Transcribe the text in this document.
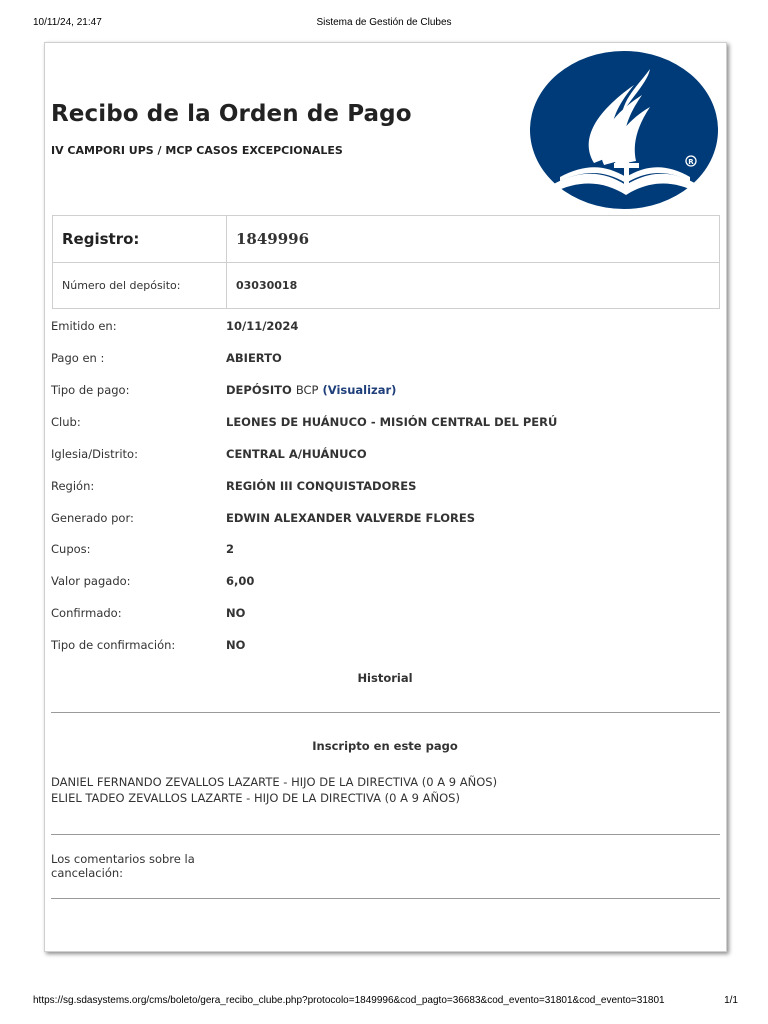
10/11/24, 21:47	Sistema de Gestión de Clubes
Recibo de la Orden de Pago
IV CAMPORI UPS / MCP CASOS EXCEPCIONALES
R
Registro:	1849996
Número del depósito:	03030018
Emitido en:	10/11/2024
Pago en :	ABIERTO
Tipo de pago:	DEPÓSITO BCP (Visualizar)
Club:	LEONES DE HUÁNUCO - MISIÓN CENTRAL DEL PERÚ
Iglesia/Distrito:	CENTRAL A/HUÁNUCO
Región:	REGIÓN III CONQUISTADORES
Generado por:	EDWIN ALEXANDER VALVERDE FLORES
Cupos:	2
Valor pagado:	6,00
Confirmado:	NO
Tipo de confirmación:	NO
Historial
Inscripto en este pago
DANIEL FERNANDO ZEVALLOS LAZARTE - HIJO DE LA DIRECTIVA (0 A 9 AÑOS)
ELIEL TADEO ZEVALLOS LAZARTE - HIJO DE LA DIRECTIVA (0 A 9 AÑOS)
Los comentarios sobre la cancelación:
https://sg.sdasystems.org/cms/boleto/gera_recibo_clube.php?protocolo=1849996&cod_pagto=36683&cod_evento=31801&cod_evento=31801	1/1
